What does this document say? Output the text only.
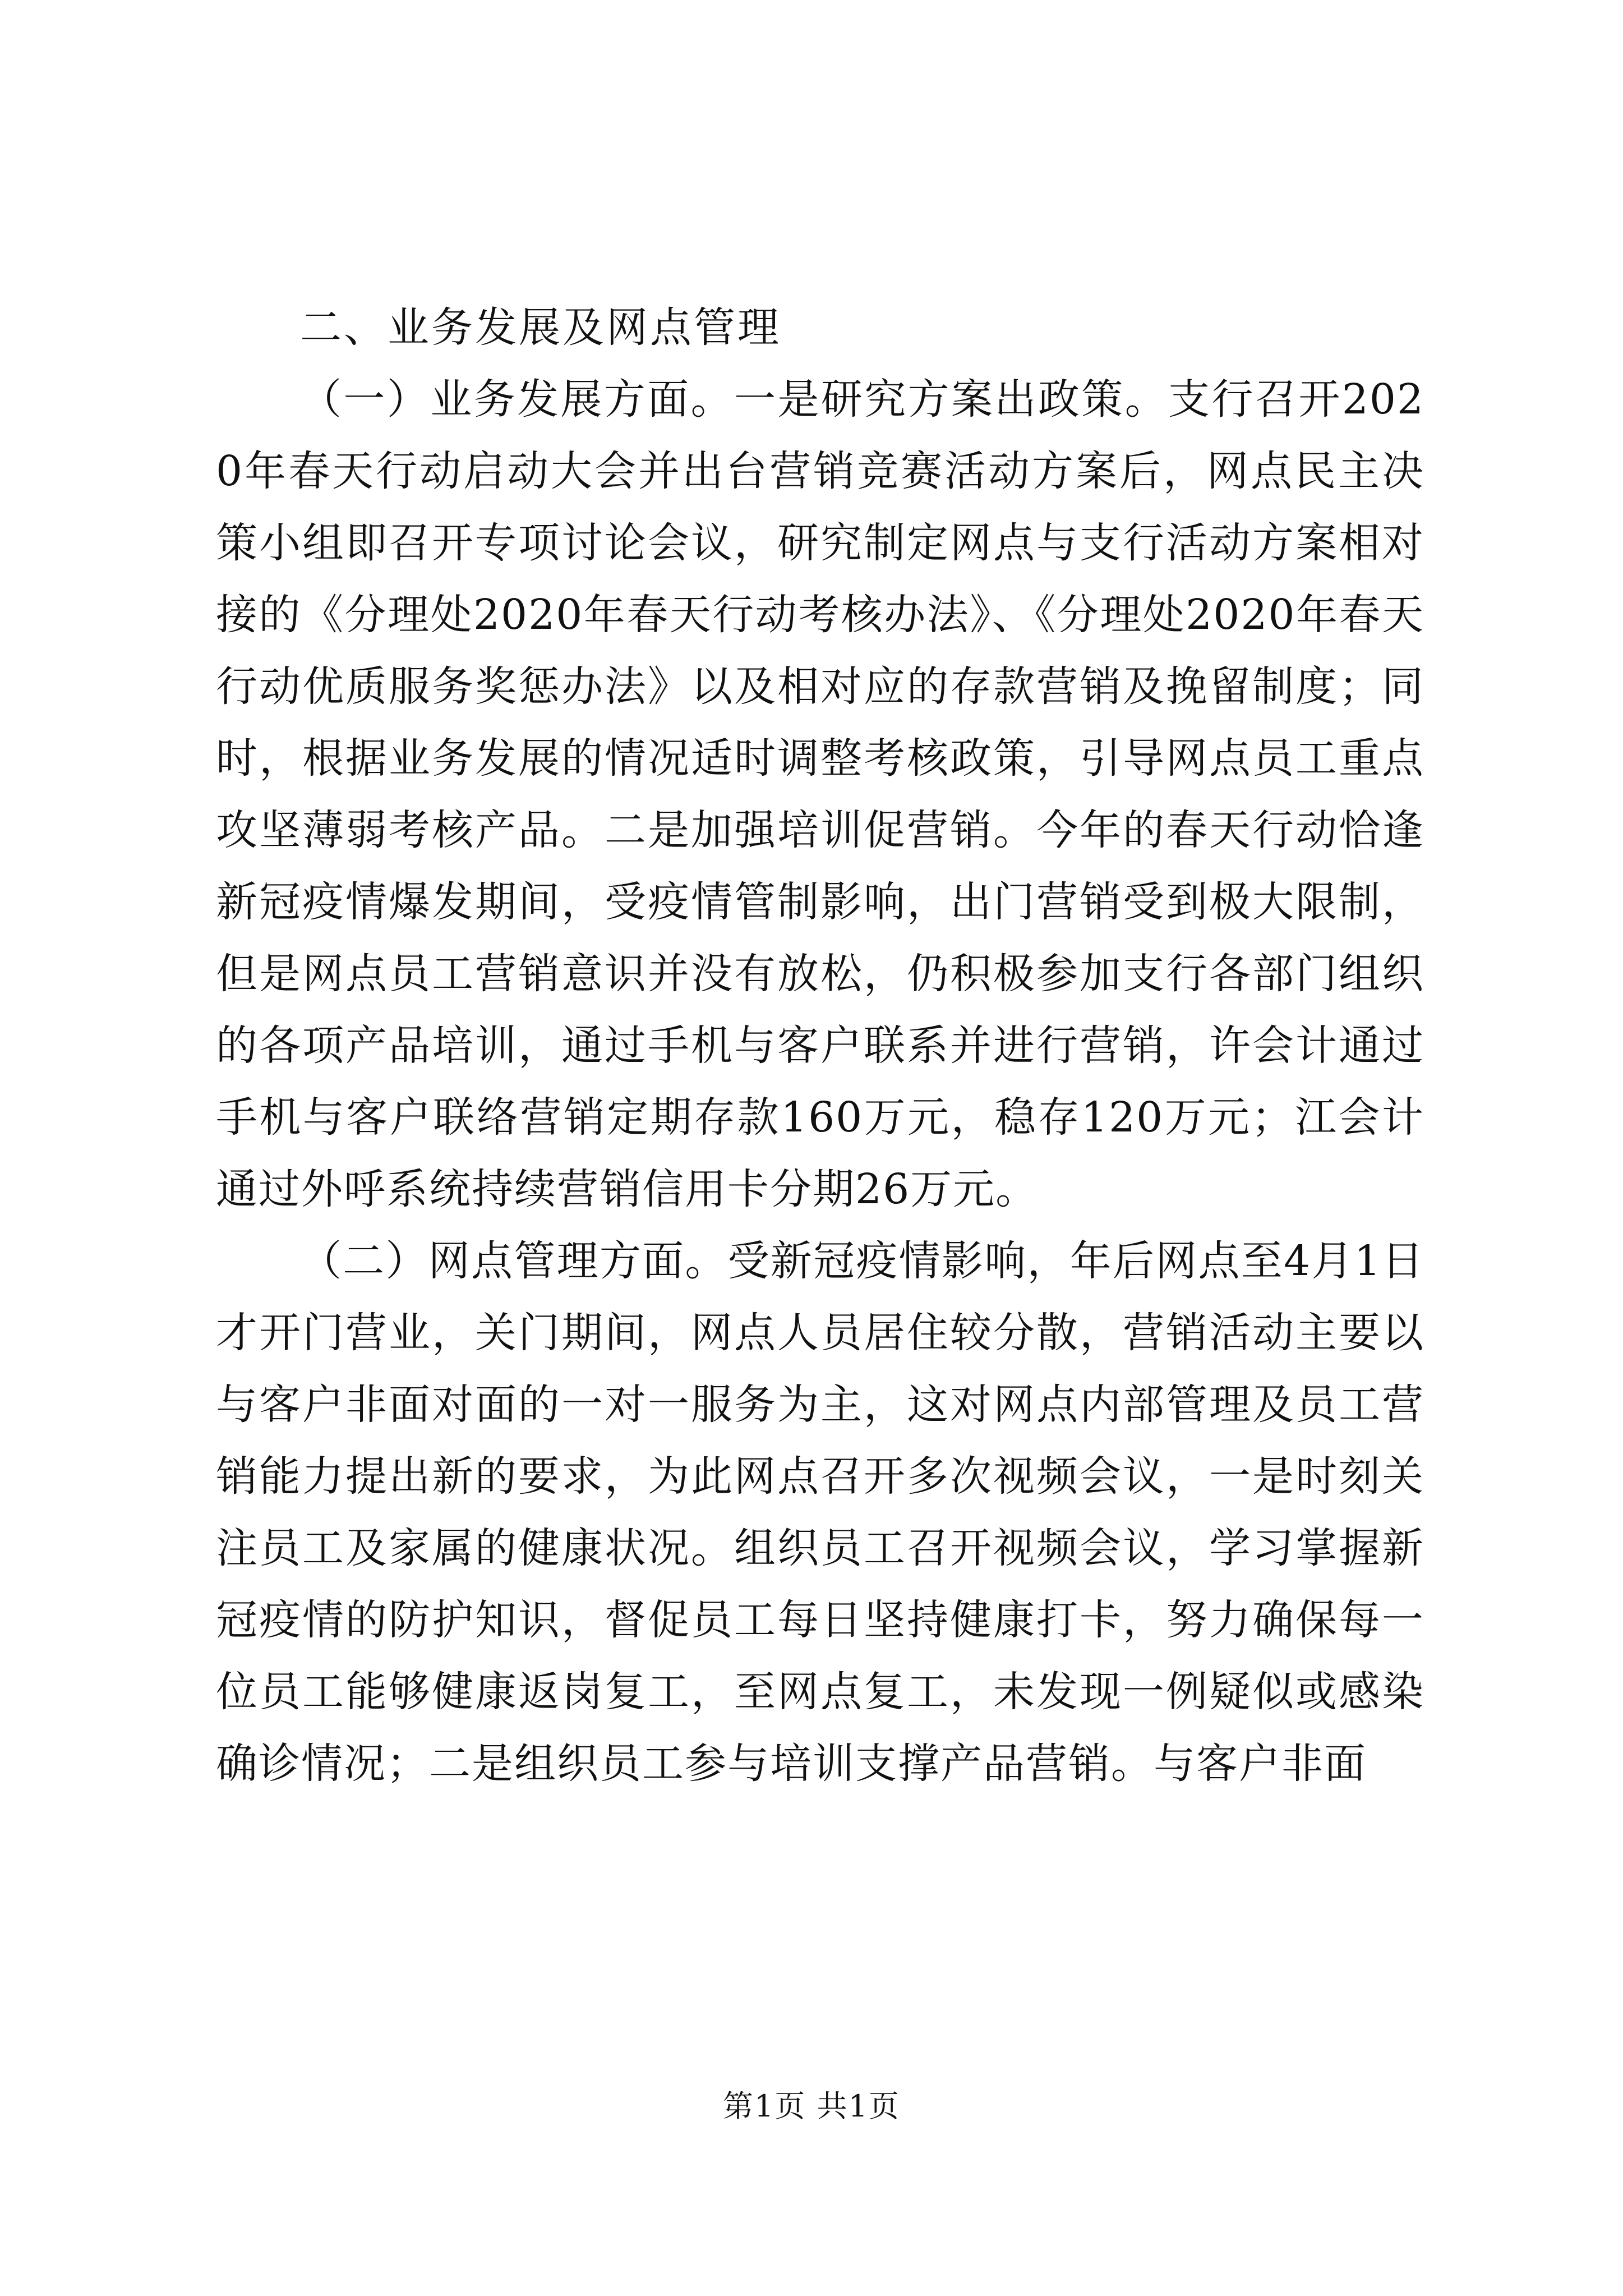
二、业务发展及网点管理

（一）业务发展方面。一是研究方案出政策。支行召开2020年春天行动启动大会并出台营销竞赛活动方案后，网点民主决策小组即召开专项讨论会议，研究制定网点与支行活动方案相对接的《分理处2020年春天行动考核办法》、《分理处2020年春天行动优质服务奖惩办法》以及相对应的存款营销及挽留制度；同时，根据业务发展的情况适时调整考核政策，引导网点员工重点攻坚薄弱考核产品。二是加强培训促营销。今年的春天行动恰逢新冠疫情爆发期间，受疫情管制影响，出门营销受到极大限制，但是网点员工营销意识并没有放松，仍积极参加支行各部门组织的各项产品培训，通过手机与客户联系并进行营销，许会计通过手机与客户联络营销定期存款160万元，稳存120万元；江会计通过外呼系统持续营销信用卡分期26万元。

（二）网点管理方面。受新冠疫情影响，年后网点至4月1日才开门营业，关门期间，网点人员居住较分散，营销活动主要以与客户非面对面的一对一服务为主，这对网点内部管理及员工营销能力提出新的要求，为此网点召开多次视频会议，一是时刻关注员工及家属的健康状况。组织员工召开视频会议，学习掌握新冠疫情的防护知识，督促员工每日坚持健康打卡，努力确保每一位员工能够健康返岗复工，至网点复工，未发现一例疑似或感染确诊情况；二是组织员工参与培训支撑产品营销。与客户非面

第1页 共1页
